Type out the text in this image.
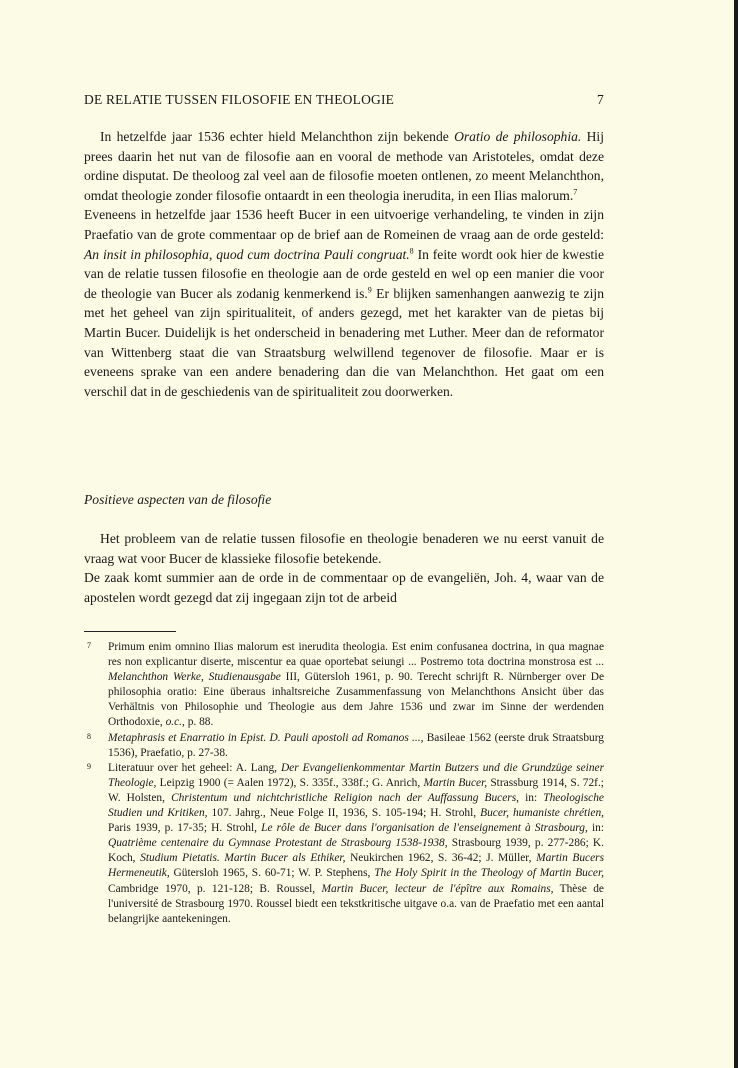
DE RELATIE TUSSEN FILOSOFIE EN THEOLOGIE	7

In hetzelfde jaar 1536 echter hield Melanchthon zijn bekende Oratio de philosophia. Hij prees daarin het nut van de filosofie aan en vooral de methode van Aristoteles, omdat deze ordine disputat. De theoloog zal veel aan de filosofie moeten ontlenen, zo meent Melanchthon, omdat theologie zonder filosofie ontaardt in een theologia inerudita, in een Ilias malorum.$^7$

Eveneens in hetzelfde jaar 1536 heeft Bucer in een uitvoerige verhandeling, te vinden in zijn Praefatio van de grote commentaar op de brief aan de Romeinen de vraag aan de orde gesteld: An insit in philosophia, quod cum doctrina Pauli congruat.$^8$ In feite wordt ook hier de kwestie van de relatie tussen filosofie en theologie aan de orde gesteld en wel op een manier die voor de theologie van Bucer als zodanig kenmerkend is.$^9$ Er blijken samenhangen aanwezig te zijn met het geheel van zijn spiritualiteit, of anders gezegd, met het karakter van de pietas bij Martin Bucer. Duidelijk is het onderscheid in benadering met Luther. Meer dan de reformator van Wittenberg staat die van Straatsburg welwillend tegenover de filosofie. Maar er is eveneens sprake van een andere benadering dan die van Melanchthon. Het gaat om een verschil dat in de geschiedenis van de spiritualiteit zou doorwerken.

Positieve aspecten van de filosofie

Het probleem van de relatie tussen filosofie en theologie benaderen we nu eerst vanuit de vraag wat voor Bucer de klassieke filosofie betekende.

De zaak komt summier aan de orde in de commentaar op de evangeliën, Joh. 4, waar van de apostelen wordt gezegd dat zij ingegaan zijn tot de arbeid

7 Primum enim omnino Ilias malorum est inerudita theologia. Est enim confusanea doctrina, in qua magnae res non explicantur diserte, miscentur ea quae oportebat seiungi ... Postremo tota doctrina monstrosa est ... Melanchthon Werke, Studienausgabe III, Gütersloh 1961, p. 90. Terecht schrijft R. Nürnberger over De philosophia oratio: Eine überaus inhaltsreiche Zusammenfassung von Melanchthons Ansicht über das Verhältnis von Philosophie und Theologie aus dem Jahre 1536 und zwar im Sinne der werdenden Orthodoxie, o.c., p. 88.

8 Metaphrasis et Enarratio in Epist. D. Pauli apostoli ad Romanos ..., Basileae 1562 (eerste druk Straatsburg 1536), Praefatio, p. 27-38.

9 Literatuur over het geheel: A. Lang, Der Evangelienkommentar Martin Butzers und die Grundzüge seiner Theologie, Leipzig 1900 (= Aalen 1972), S. 335f., 338f.; G. Anrich, Martin Bucer, Strassburg 1914, S. 72f.; W. Holsten, Christentum und nichtchristliche Religion nach der Auffassung Bucers, in: Theologische Studien und Kritiken, 107. Jahrg., Neue Folge II, 1936, S. 105-194; H. Strohl, Bucer, humaniste chrétien, Paris 1939, p. 17-35; H. Strohl, Le rôle de Bucer dans l'organisation de l'enseignement à Strasbourg, in: Quatrième centenaire du Gymnase Protestant de Strasbourg 1538-1938, Strasbourg 1939, p. 277-286; K. Koch, Studium Pietatis. Martin Bucer als Ethiker, Neukirchen 1962, S. 36-42; J. Müller, Martin Bucers Hermeneutik, Gütersloh 1965, S. 60-71; W. P. Stephens, The Holy Spirit in the Theology of Martin Bucer, Cambridge 1970, p. 121-128; B. Roussel, Martin Bucer, lecteur de l'épître aux Romains, Thèse de l'université de Strasbourg 1970. Roussel biedt een tekstkritische uitgave o.a. van de Praefatio met een aantal belangrijke aantekeningen.
